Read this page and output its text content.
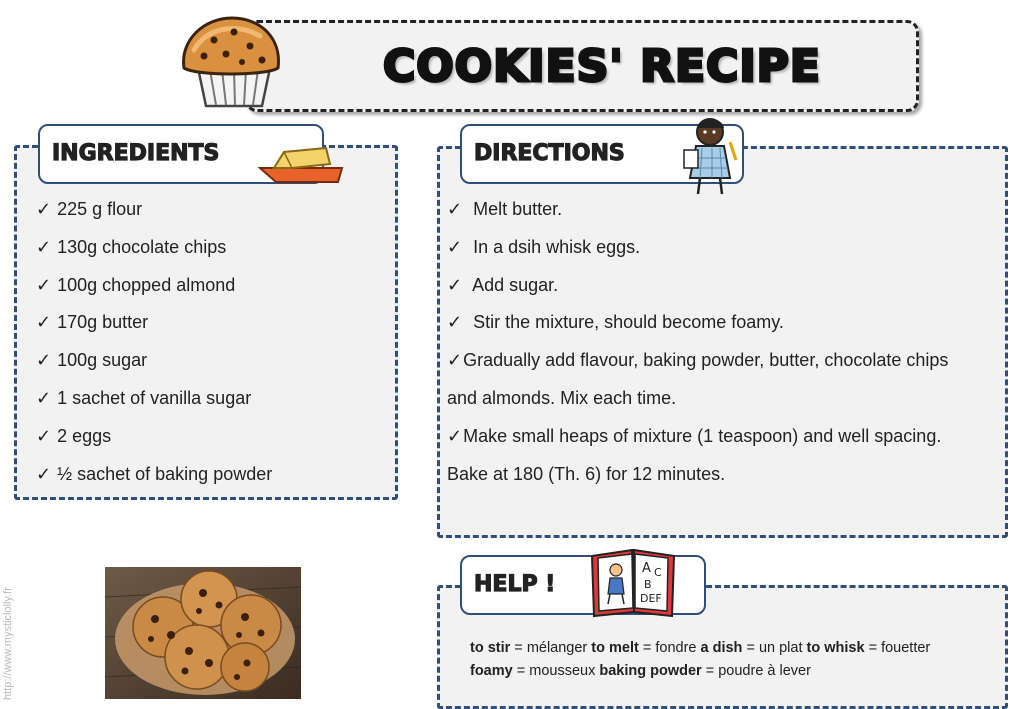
COOKIES' RECIPE
INGREDIENTS
✓ 225 g flour
✓ 130g chocolate chips
✓ 100g chopped almond
✓ 170g butter
✓ 100g sugar
✓ 1 sachet of vanilla sugar
✓ 2 eggs
✓ ½ sachet of baking powder
DIRECTIONS
✓ Melt butter.
✓ In a dsih whisk eggs.
✓ Add sugar.
✓ Stir the mixture, should become foamy.
✓Gradually add flavour, baking powder, butter, chocolate chips
and almonds. Mix each time.
✓Make small heaps of mixture (1 teaspoon) and well spacing.
Bake at 180 (Th. 6) for 12 minutes.
HELP !
A C
B
DEF
to stir = mélanger to melt = fondre a dish = un plat to whisk = fouetter foamy = mousseux baking powder = poudre à lever
http://www.mysticlolly.fr
